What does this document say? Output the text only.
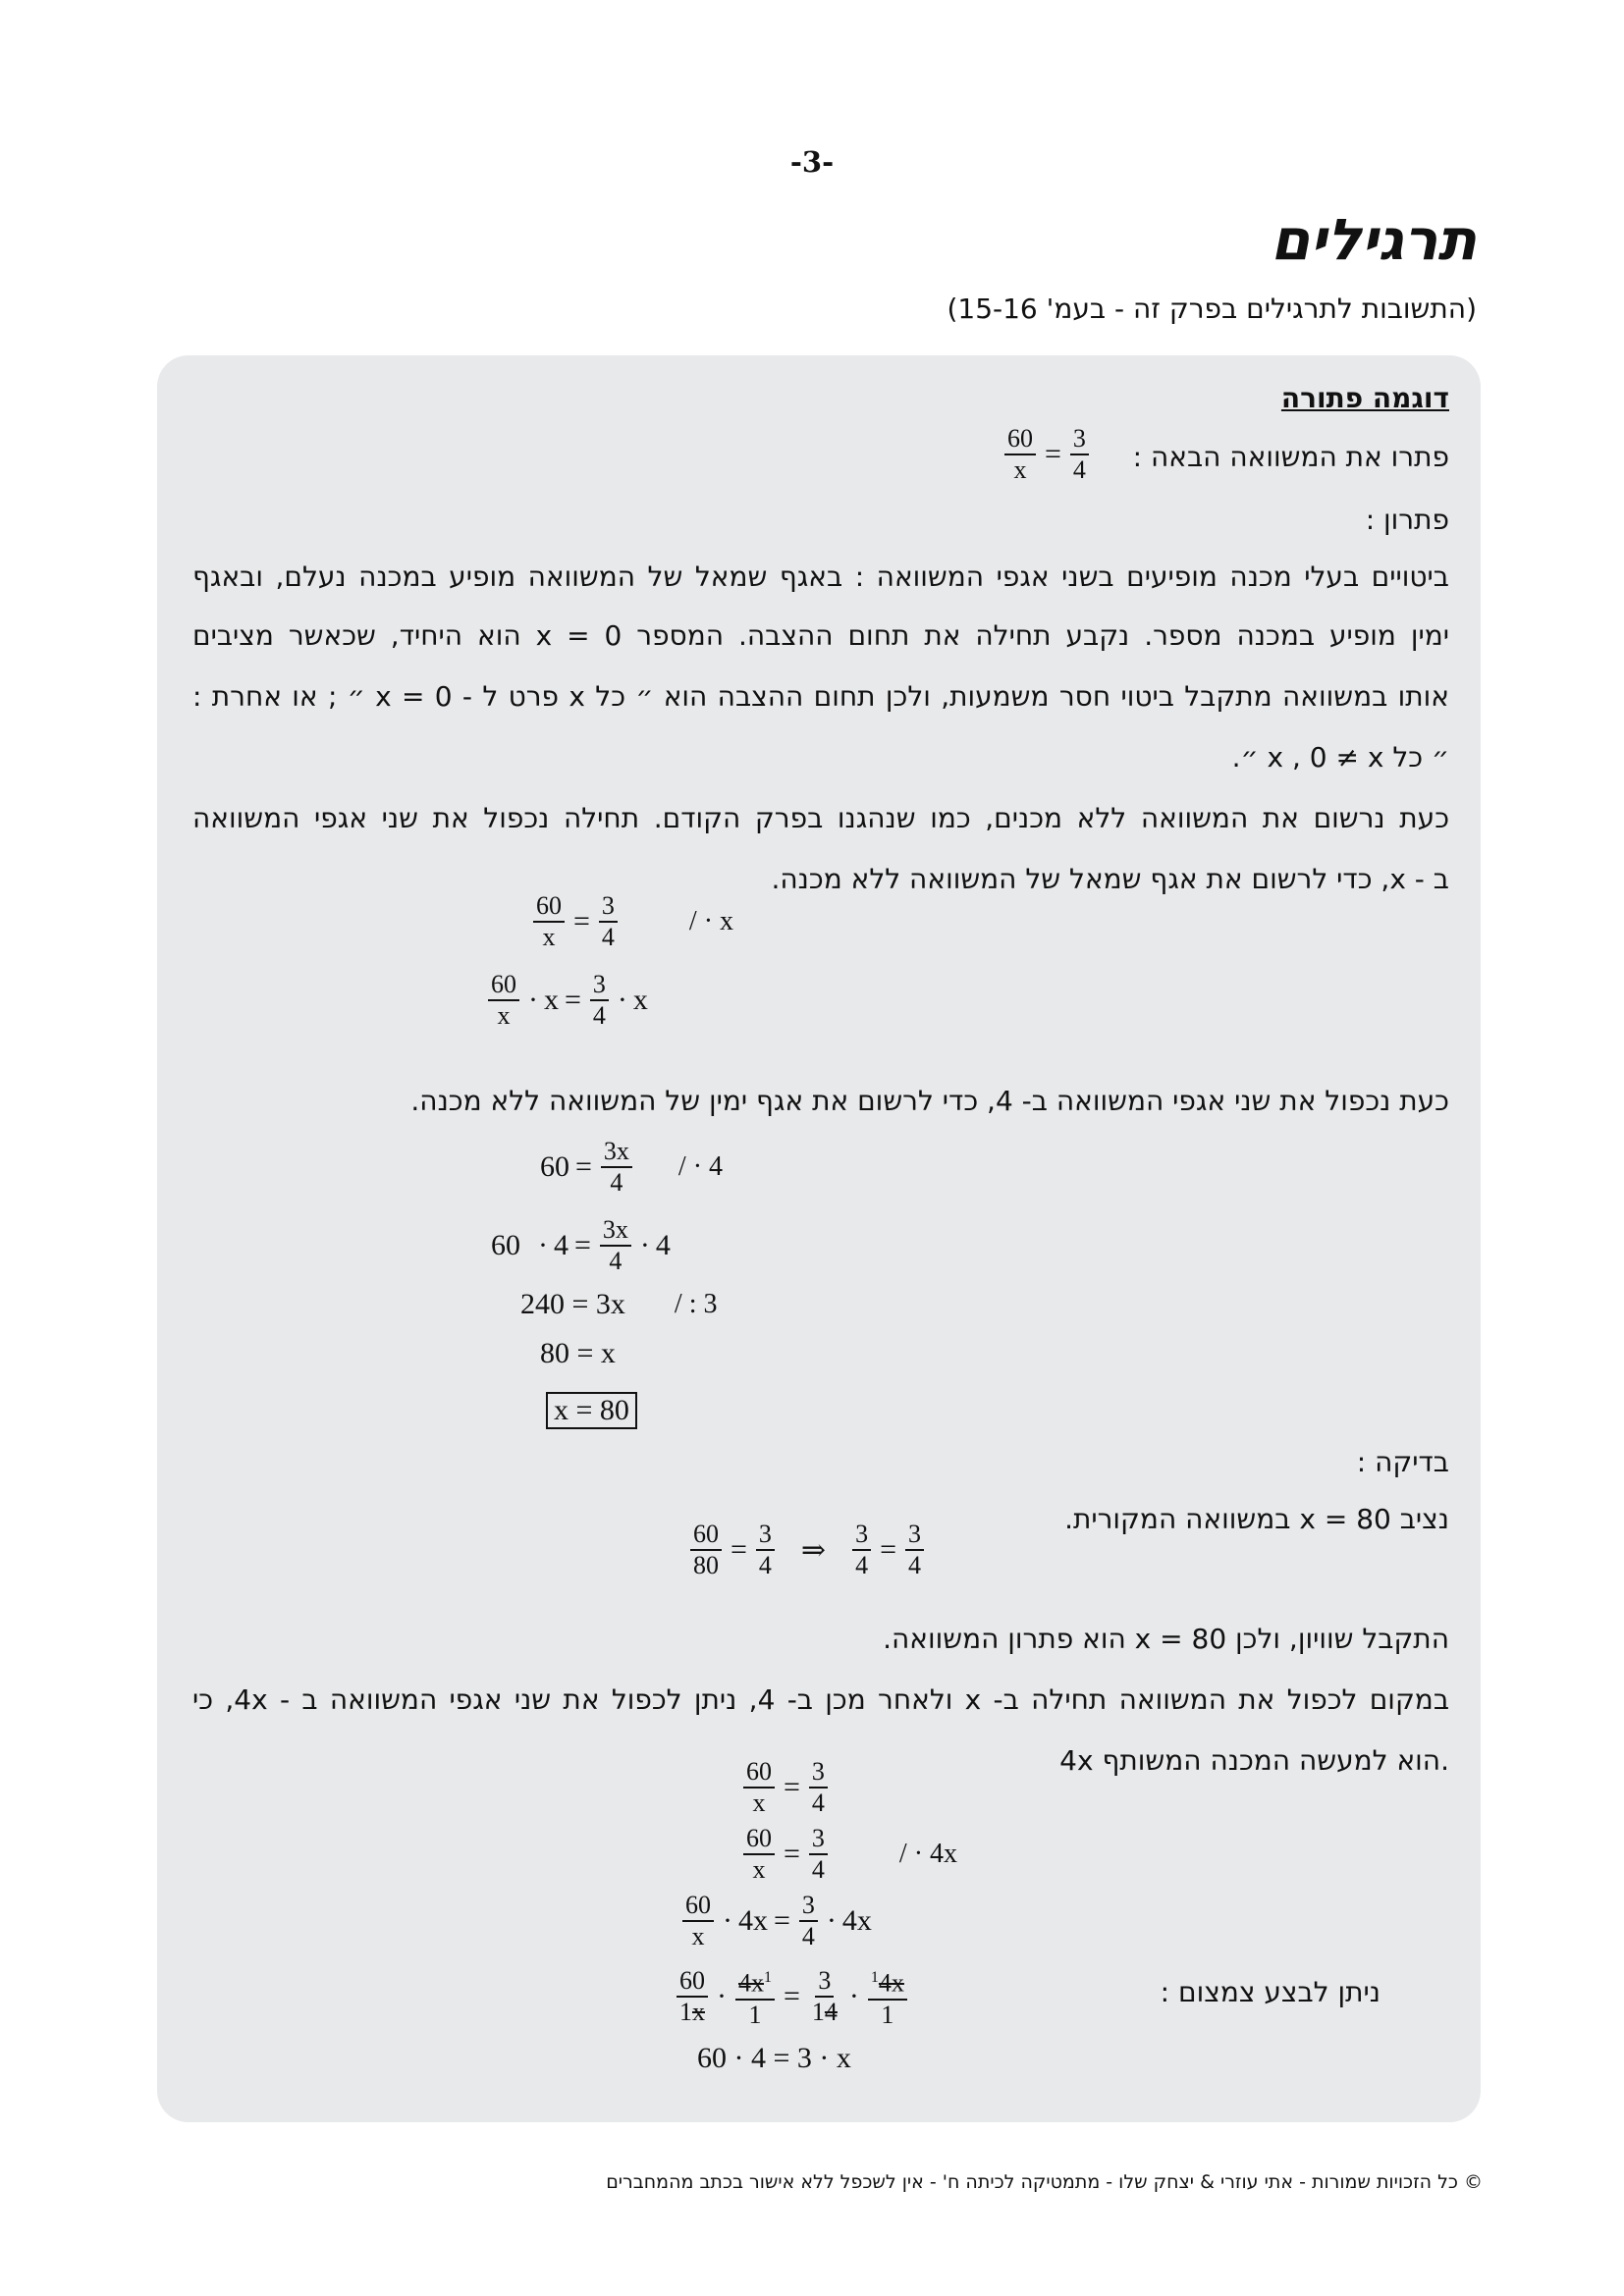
-3-
תרגילים
(התשובות לתרגילים בפרק זה - בעמ' 15-16)
דוגמה פתורה
פתרו את המשוואה הבאה :
פתרון :
ביטויים בעלי מכנה מופיעים בשני אגפי המשוואה : באגף שמאל של המשוואה מופיע במכנה נעלם, ובאגף
ימין מופיע במכנה מספר. נקבע תחילה את תחום ההצבה. המספר x = 0 הוא היחיד, שכאשר מציבים
אותו במשוואה מתקבל ביטוי חסר משמעות, ולכן תחום ההצבה הוא ״ כל x פרט ל - x = 0 ״ ; או אחרת :
״ כל x , 0 ≠ x ״.
כעת נרשום את המשוואה ללא מכנים, כמו שנהגנו בפרק הקודם. תחילה נכפול את שני אגפי המשוואה
ב - x, כדי לרשום את אגף שמאל של המשוואה ללא מכנה.
כעת נכפול את שני אגפי המשוואה ב- 4, כדי לרשום את אגף ימין של המשוואה ללא מכנה.
בדיקה :
נציב x = 80 במשוואה המקורית.
התקבל שוויון, ולכן x = 80 הוא פתרון המשוואה.
במקום לכפול את המשוואה תחילה ב- x ולאחר מכן ב- 4, ניתן לכפול את שני אגפי המשוואה ב - 4x, כי
4x הוא למעשה המכנה המשותף.
ניתן לבצע צמצום :
$\frac{60}{x} = \frac{3}{4}$
$\frac{60}{x} = \frac{3}{4}$	/ · x
$\frac{60}{x} \cdot x = \frac{3}{4} \cdot x$
$60 = \frac{3x}{4}$ / · 4
$60 \cdot 4 = \frac{3x}{4} \cdot 4$
240 = 3x / : 3
80 = x
x = 80
$\frac{60}{80} = \frac{3}{4}$ ⇒ $\frac{3}{4} = \frac{3}{4}$
$\frac{60}{x} = \frac{3}{4}$
$\frac{60}{x} = \frac{3}{4}$	/ · 4x
$\frac{60}{x} \cdot 4x = \frac{3}{4} \cdot 4x$
$\frac{60}{1x} \cdot \frac{4x^1}{1} = \frac{3}{14} \cdot \frac{^14x}{1}$
60 · 4 = 3 · x
© כל הזכויות שמורות - אתי עוזרי & יצחק שלו - מתמטיקה לכיתה ח' - אין לשכפל ללא אישור בכתב מהמחברים
